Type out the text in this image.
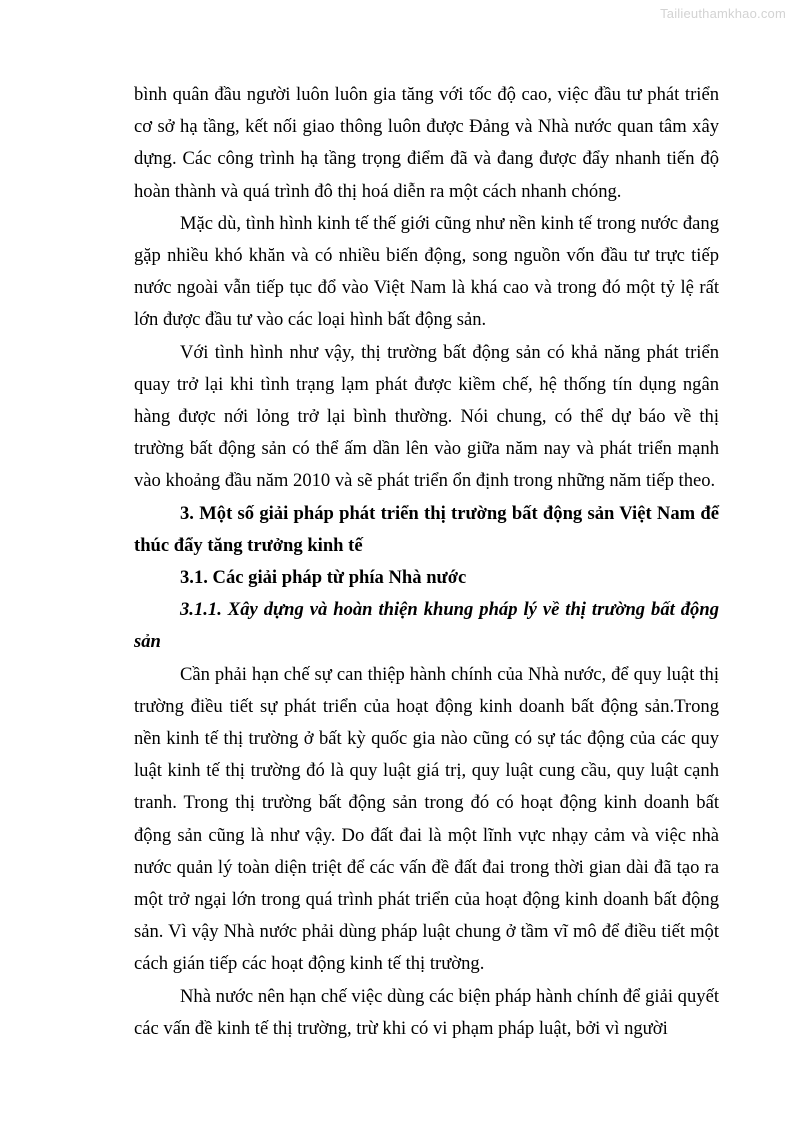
Tailieuthamkhao.com

bình quân đầu người luôn luôn gia tăng với tốc độ cao, việc đầu tư phát triển cơ sở hạ tầng, kết nối giao thông luôn được Đảng và Nhà nước quan tâm xây dựng. Các công trình hạ tầng trọng điểm đã và đang được đẩy nhanh tiến độ hoàn thành và quá trình đô thị hoá diễn ra một cách nhanh chóng.

Mặc dù, tình hình kinh tế thế giới cũng như nền kinh tế trong nước đang gặp nhiều khó khăn và có nhiều biến động, song nguồn vốn đầu tư trực tiếp nước ngoài vẫn tiếp tục đổ vào Việt Nam là khá cao và trong đó một tỷ lệ rất lớn được đầu tư vào các loại hình bất động sản.

Với tình hình như vậy, thị trường bất động sản có khả năng phát triển quay trở lại khi tình trạng lạm phát được kiềm chế, hệ thống tín dụng ngân hàng được nới lỏng trở lại bình thường. Nói chung, có thể dự báo về thị trường bất động sản có thể ấm dần lên vào giữa năm nay và phát triển mạnh vào khoảng đầu năm 2010 và sẽ phát triển ổn định trong những năm tiếp theo.

3. Một số giải pháp phát triển thị trường bất động sản Việt Nam để thúc đẩy tăng trưởng kinh tế

3.1. Các giải pháp từ phía Nhà nước

3.1.1. Xây dựng và hoàn thiện khung pháp lý về thị trường bất động sản

Cần phải hạn chế sự can thiệp hành chính của Nhà nước, để quy luật thị trường điều tiết sự phát triển của hoạt động kinh doanh bất động sản.Trong nền kinh tế thị trường ở bất kỳ quốc gia nào cũng có sự tác động của các quy luật kinh tế thị trường đó là quy luật giá trị, quy luật cung cầu, quy luật cạnh tranh. Trong thị trường bất động sản trong đó có hoạt động kinh doanh bất động sản cũng là như vậy. Do đất đai là một lĩnh vực nhạy cảm và việc nhà nước quản lý toàn diện triệt để các vấn đề đất đai trong thời gian dài đã tạo ra một trở ngại lớn trong quá trình phát triển của hoạt động kinh doanh bất động sản. Vì vậy Nhà nước phải dùng pháp luật chung ở tầm vĩ mô để điều tiết một cách gián tiếp các hoạt động kinh tế thị trường.

Nhà nước nên hạn chế việc dùng các biện pháp hành chính để giải quyết các vấn đề kinh tế thị trường, trừ khi có vi phạm pháp luật, bởi vì người
